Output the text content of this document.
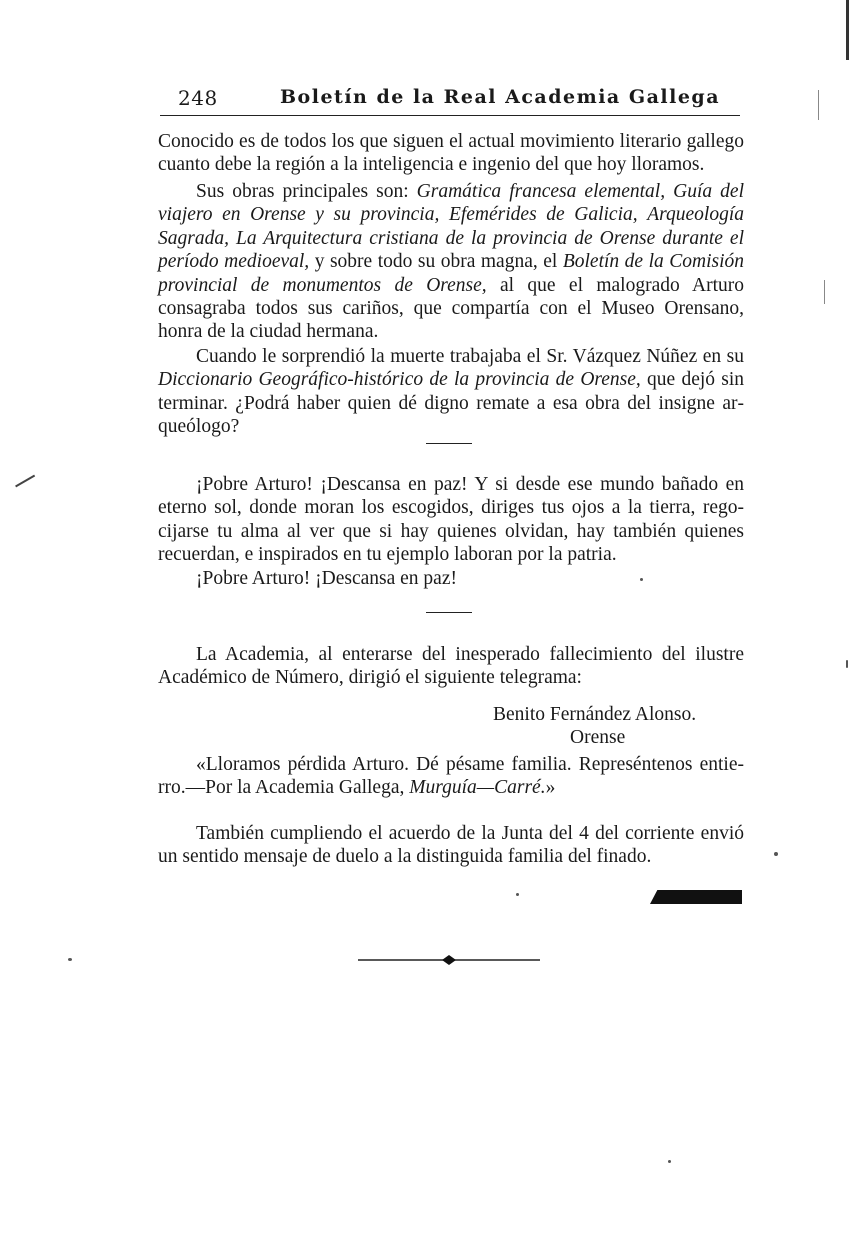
248	Boletín de la Real Academia Gallega

Conocido es de todos los que siguen el actual movimiento literario gallego cuanto debe la región a la inteligencia e ingenio del que hoy lloramos.

Sus obras principales son: Gramática francesa elemental, Guía del viajero en Orense y su provincia, Efemérides de Galicia, Arqueología Sagrada, La Arquitectura cristiana de la provincia de Orense durante el período medioeval, y sobre todo su obra magna, el Boletín de la Comisión provincial de monumentos de Orense, al que el malogrado Arturo consagraba todos sus cariños, que compartía con el Museo Orensano, honra de la ciudad hermana.

Cuando le sorprendió la muerte trabajaba el Sr. Vázquez Núñez en su Diccionario Geográfico-histórico de la provincia de Orense, que dejó sin terminar. ¿Podrá haber quien dé digno remate a esa obra del insigne arqueólogo?

¡Pobre Arturo! ¡Descansa en paz! Y si desde ese mundo bañado en eterno sol, donde moran los escogidos, diriges tus ojos a la tierra, regocijarse tu alma al ver que si hay quienes olvidan, hay también quienes recuerdan, e inspirados en tu ejemplo laboran por la patria.

¡Pobre Arturo! ¡Descansa en paz!

La Academia, al enterarse del inesperado fallecimiento del ilustre Académico de Número, dirigió el siguiente telegrama:

Benito Fernández Alonso.

Orense

«Lloramos pérdida Arturo. Dé pésame familia. Represéntenos entierro.—Por la Academia Gallega, Murguía—Carré.»

También cumpliendo el acuerdo de la Junta del 4 del corriente envió un sentido mensaje de duelo a la distinguida familia del finado.
